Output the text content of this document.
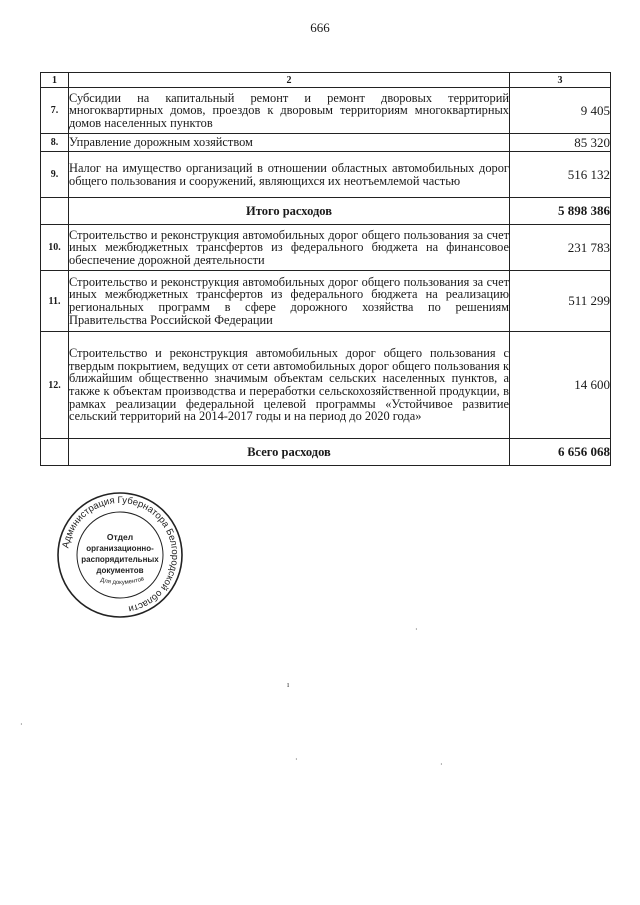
666
1	2	3
7.	Субсидии на капитальный ремонт и ремонт дворовых территорий многоквартирных домов, проездов к дворовым территориям многоквартирных домов населенных пунктов	9 405
8.	Управление дорожным хозяйством	85 320
9.	Налог на имущество организаций в отношении областных автомобильных дорог общего пользования и сооружений, являющихся их неотъемлемой частью	516 132
	Итого расходов	5 898 386
10.	Строительство и реконструкция автомобильных дорог общего пользования за счет иных межбюджетных трансфертов из федерального бюджета на финансовое обеспечение дорожной деятельности	231 783
11.	Строительство и реконструкция автомобильных дорог общего пользования за счет иных межбюджетных трансфертов из федерального бюджета на реализацию региональных программ в сфере дорожного хозяйства по решениям Правительства Российской Федерации	511 299
12.	Строительство и реконструкция автомобильных дорог общего пользования с твердым покрытием, ведущих от сети автомобильных дорог общего пользования к ближайшим общественно значимым объектам сельских населенных пунктов, а также к объектам производства и переработки сельскохозяйственной продукции, в рамках реализации федеральной целевой программы «Устойчивое развитие сельский территорий на 2014-2017 годы и на период до 2020 года»	14 600
	Всего расходов	6 656 068
Администрация Губернатора Белгородской области
Отдел
организационно-
распорядительных
документов
Для документов
·
ı
·
·
·
